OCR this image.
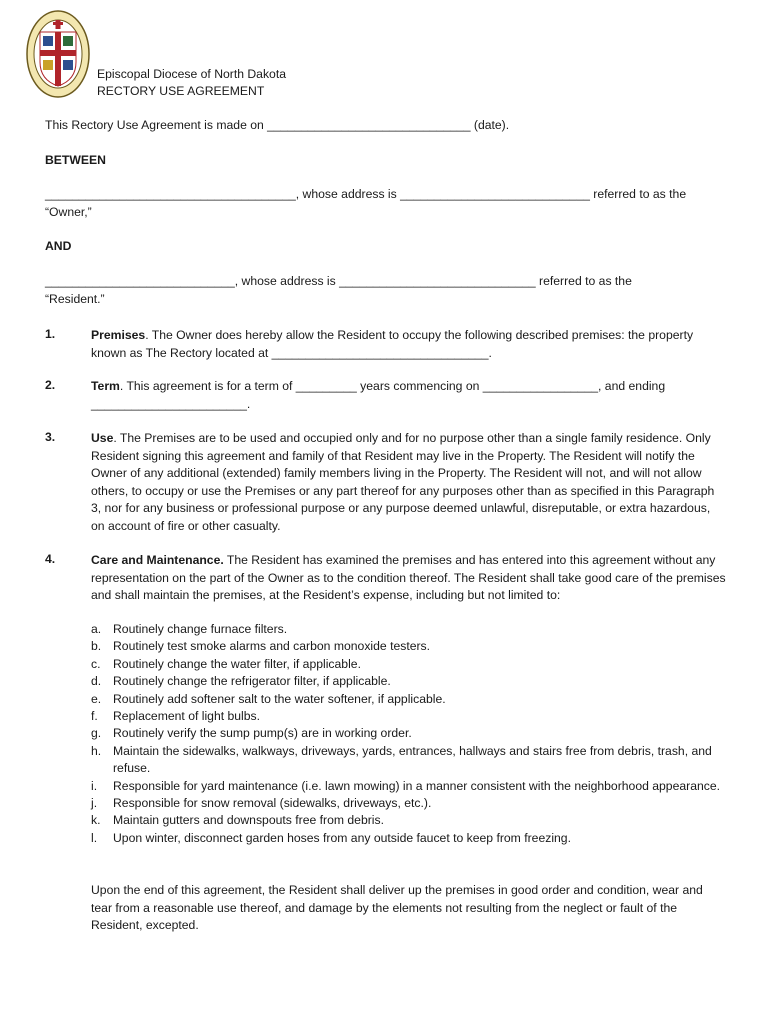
Episcopal Diocese of North Dakota
RECTORY USE AGREEMENT
This Rectory Use Agreement is made on ______________________________ (date).
BETWEEN
_____________________________________, whose address is ____________________________ referred to as the
“Owner,”
AND
____________________________, whose address is _____________________________ referred to as the
“Resident.”
1.	Premises. The Owner does hereby allow the Resident to occupy the following described premises: the property known as The Rectory located at ________________________________.
2.	Term. This agreement is for a term of _________ years commencing on _________________, and ending _______________________.
3.	Use. The Premises are to be used and occupied only and for no purpose other than a single family residence. Only Resident signing this agreement and family of that Resident may live in the Property. The Resident will notify the Owner of any additional (extended) family members living in the Property. The Resident will not, and will not allow others, to occupy or use the Premises or any part thereof for any purposes other than as specified in this Paragraph 3, nor for any business or professional purpose or any purpose deemed unlawful, disreputable, or extra hazardous, on account of fire or other casualty.
4.	Care and Maintenance. The Resident has examined the premises and has entered into this agreement without any representation on the part of the Owner as to the condition thereof. The Resident shall take good care of the premises and shall maintain the premises, at the Resident’s expense, including but not limited to:
a. Routinely change furnace filters.
b. Routinely test smoke alarms and carbon monoxide testers.
c. Routinely change the water filter, if applicable.
d. Routinely change the refrigerator filter, if applicable.
e. Routinely add softener salt to the water softener, if applicable.
f. Replacement of light bulbs.
g. Routinely verify the sump pump(s) are in working order.
h. Maintain the sidewalks, walkways, driveways, yards, entrances, hallways and stairs free from debris, trash, and refuse.
i. Responsible for yard maintenance (i.e. lawn mowing) in a manner consistent with the neighborhood appearance.
j. Responsible for snow removal (sidewalks, driveways, etc.).
k. Maintain gutters and downspouts free from debris.
l. Upon winter, disconnect garden hoses from any outside faucet to keep from freezing.
Upon the end of this agreement, the Resident shall deliver up the premises in good order and condition, wear and tear from a reasonable use thereof, and damage by the elements not resulting from the neglect or fault of the Resident, excepted.
